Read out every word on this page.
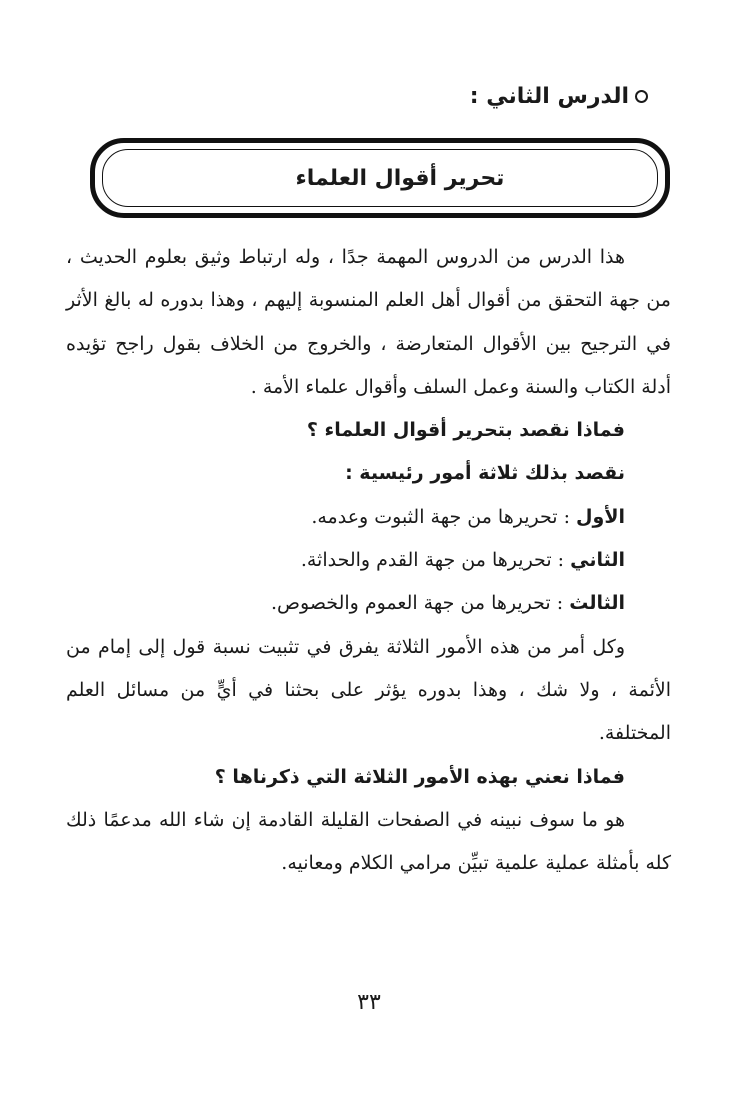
الدرس الثاني :
تحرير أقوال العلماء

هذا الدرس من الدروس المهمة جدًا ، وله ارتباط وثيق بعلوم الحديث ، من جهة التحقق من أقوال أهل العلم المنسوبة إليهم ، وهذا بدوره له بالغ الأثر في الترجيح بين الأقوال المتعارضة ، والخروج من الخلاف بقول راجح تؤيده أدلة الكتاب والسنة وعمل السلف وأقوال علماء الأمة .

فماذا نقصد بتحرير أقوال العلماء ؟

نقصد بذلك ثلاثة أمور رئيسية :

الأول : تحريرها من جهة الثبوت وعدمه.

الثاني : تحريرها من جهة القدم والحداثة.

الثالث : تحريرها من جهة العموم والخصوص.

وكل أمر من هذه الأمور الثلاثة يفرق في تثبيت نسبة قول إلى إمام من الأئمة ، ولا شك ، وهذا بدوره يؤثر على بحثنا في أيٍّ من مسائل العلم المختلفة.

فماذا نعني بهذه الأمور الثلاثة التي ذكرناها ؟

هو ما سوف نبينه في الصفحات القليلة القادمة إن شاء الله مدعمًا ذلك كله بأمثلة عملية علمية تبيِّن مرامي الكلام ومعانيه.

٣٣
